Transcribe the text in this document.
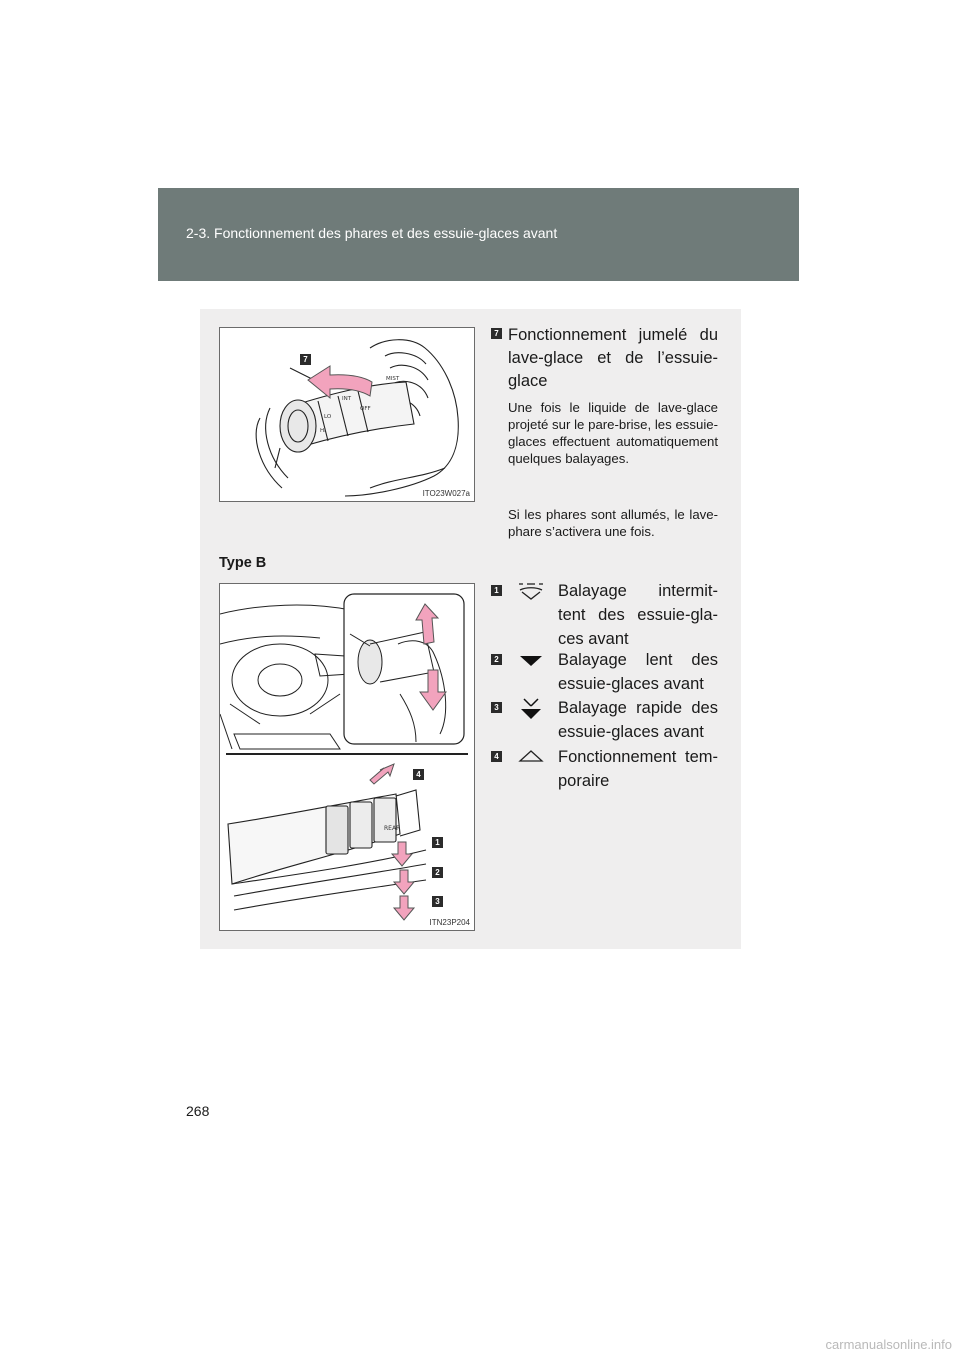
2-3. Fonctionnement des phares et des essuie-glaces avant
MIST
OFF
INT
LO
HI
7
ITO23W027a
7 Fonctionnement jumelé du lave-glace et de l’essuie-glace
Une fois le liquide de lave-glace projeté sur le pare-brise, les essuie-glaces effectuent automatiquement quelques balayages.
Si les phares sont allumés, le lave-phare s’activera une fois.
Type B
REAR
4
1
2
3
ITN23P204
1	Balayage intermit-tent des essuie-gla-ces avant
2	Balayage lent des essuie-glaces avant
3	Balayage rapide des essuie-glaces avant
4	Fonctionnement tem-poraire
268
carmanualsonline.info
